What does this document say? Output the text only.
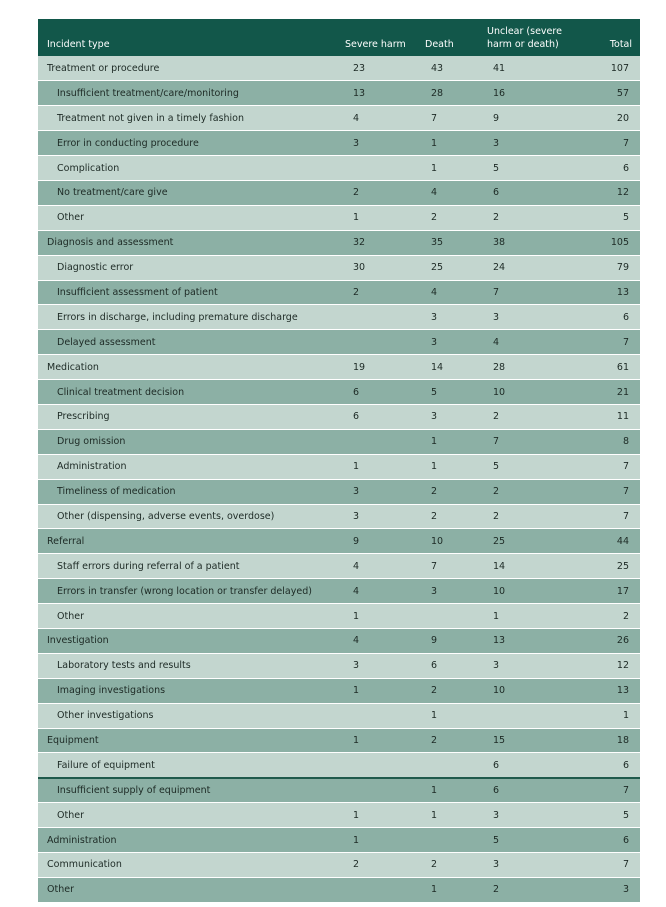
Incident type	Severe harm	Death	Unclear (severe
harm or death)	Total
Treatment or procedure	23	43	41	107
Insufficient treatment/care/monitoring	13	28	16	57
Treatment not given in a timely fashion	4	7	9	20
Error in conducting procedure	3	1	3	7
Complication		1	5	6
No treatment/care give	2	4	6	12
Other	1	2	2	5
Diagnosis and assessment	32	35	38	105
Diagnostic error	30	25	24	79
Insufficient assessment of patient	2	4	7	13
Errors in discharge, including premature discharge		3	3	6
Delayed assessment		3	4	7
Medication	19	14	28	61
Clinical treatment decision	6	5	10	21
Prescribing	6	3	2	11
Drug omission		1	7	8
Administration	1	1	5	7
Timeliness of medication	3	2	2	7
Other (dispensing, adverse events, overdose)	3	2	2	7
Referral	9	10	25	44
Staff errors during referral of a patient	4	7	14	25
Errors in transfer (wrong location or transfer delayed)	4	3	10	17
Other	1		1	2
Investigation	4	9	13	26
Laboratory tests and results	3	6	3	12
Imaging investigations	1	2	10	13
Other investigations		1		1
Equipment	1	2	15	18
Failure of equipment			6	6
Insufficient supply of equipment		1	6	7
Other	1	1	3	5
Administration	1		5	6
Communication	2	2	3	7
Other		1	2	3
